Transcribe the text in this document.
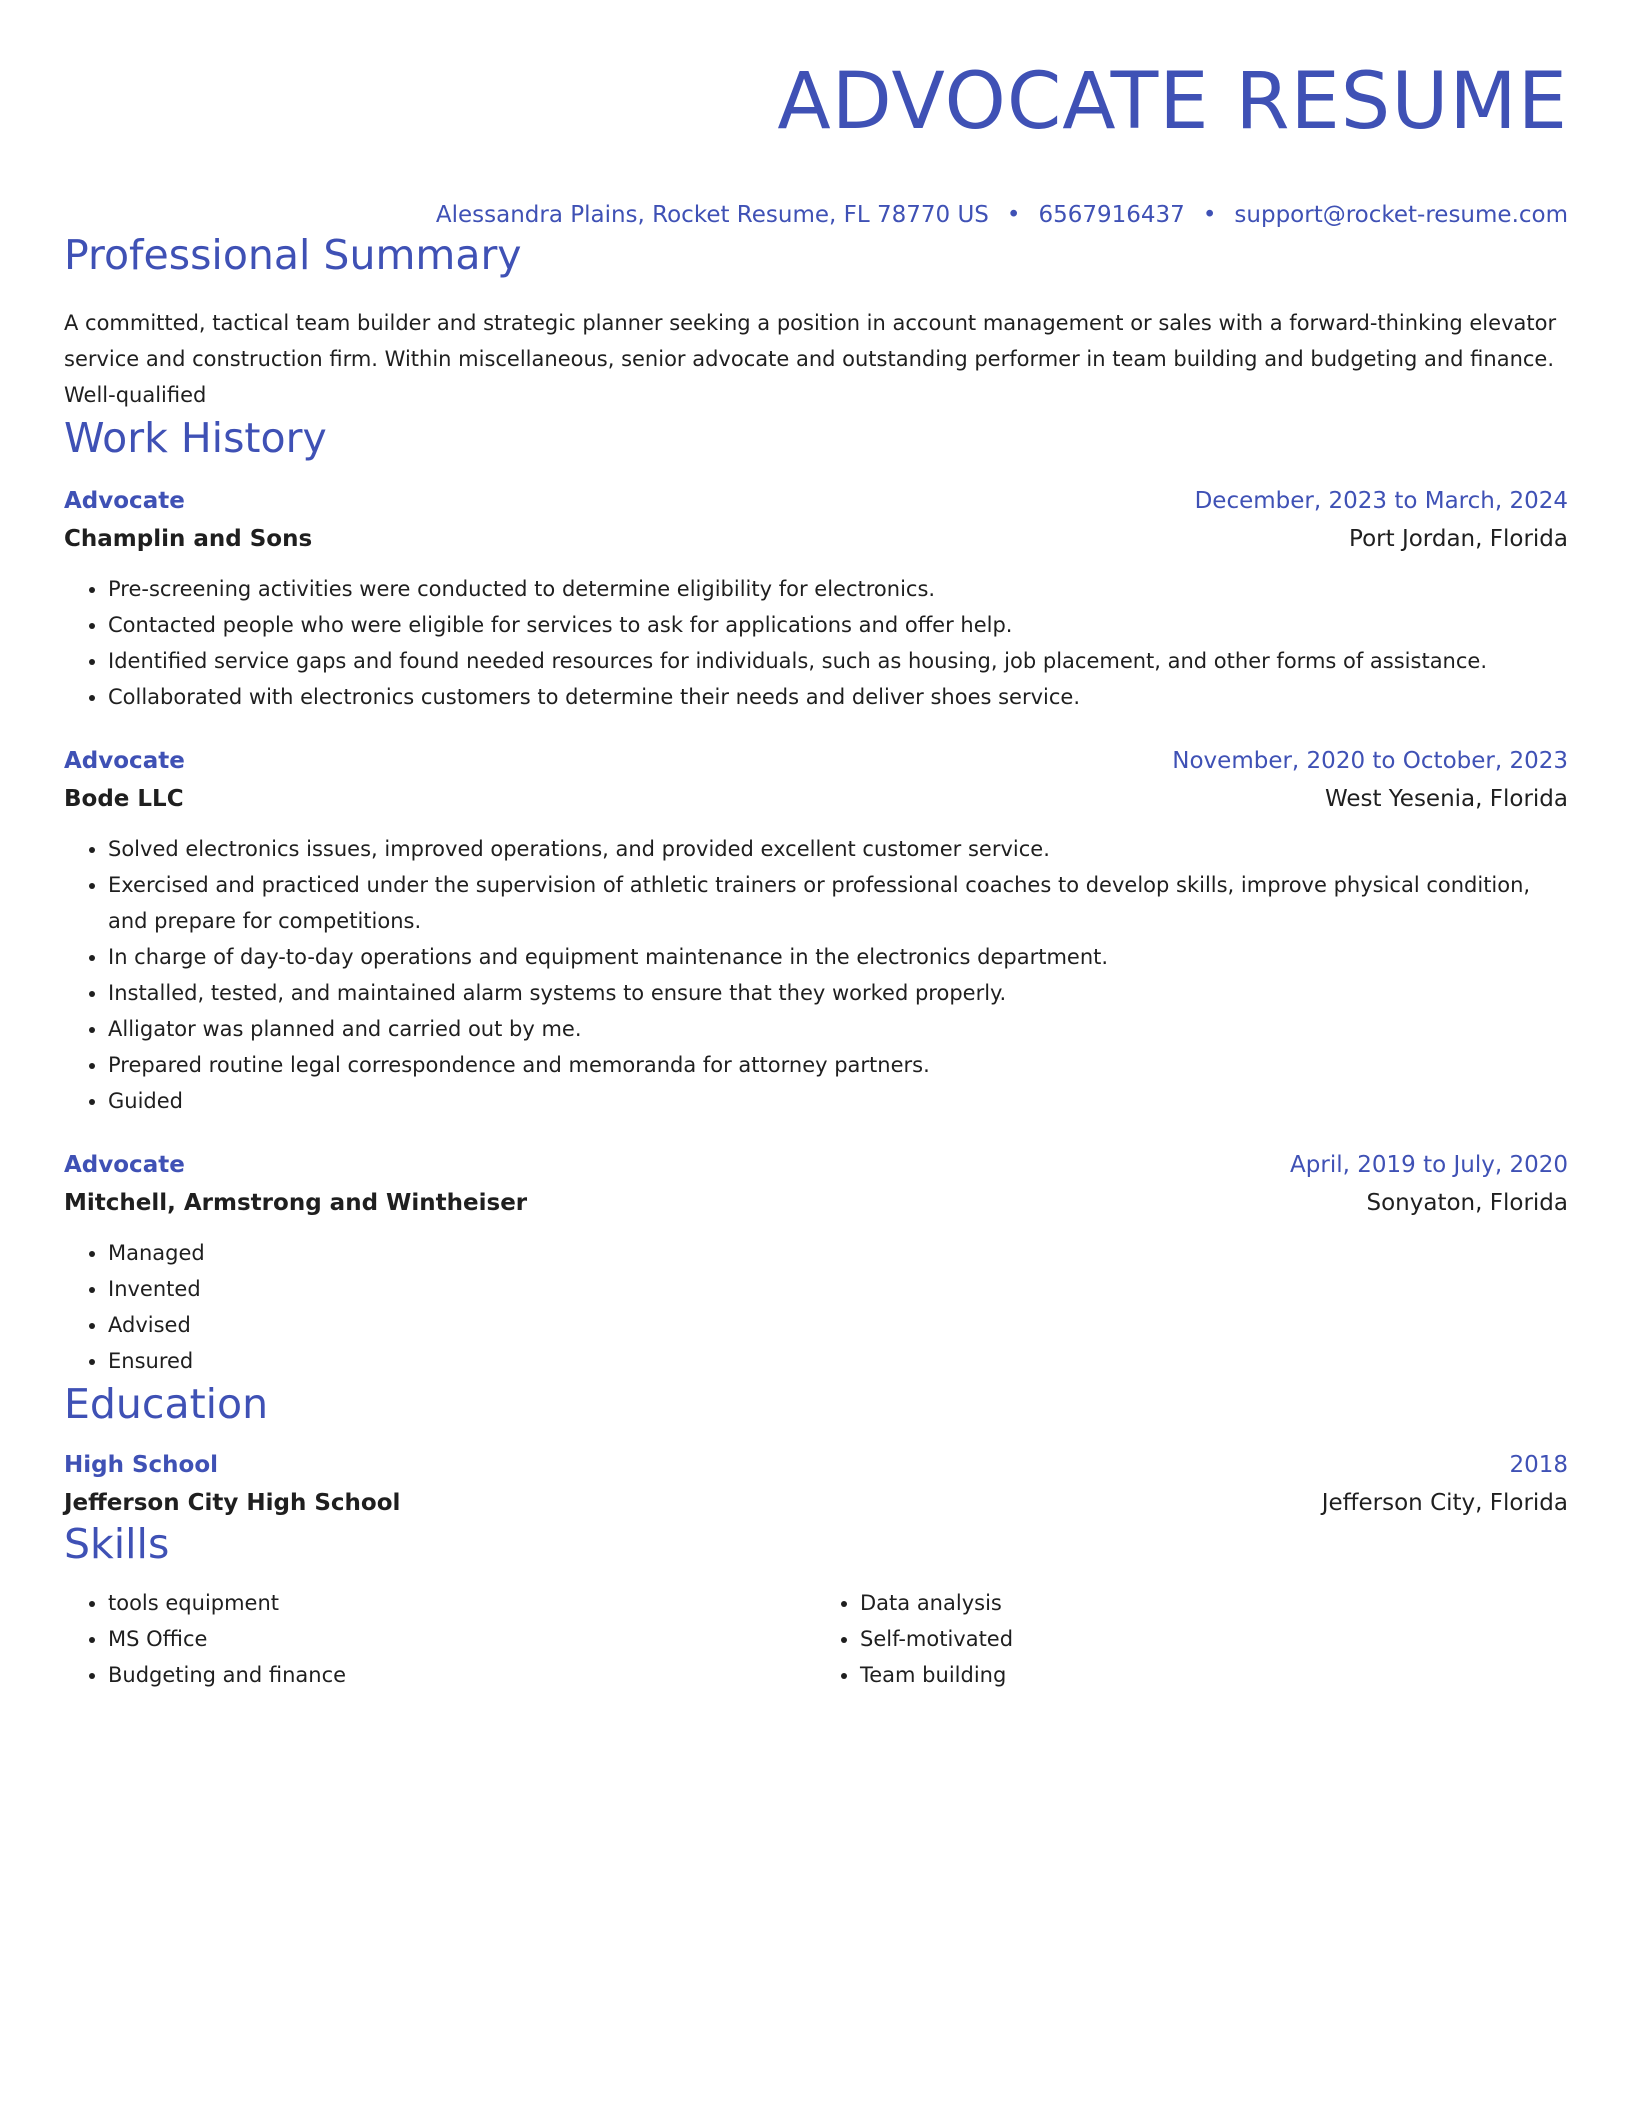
ADVOCATE RESUME
Alessandra Plains, Rocket Resume, FL 78770 US • 6567916437 • support@rocket-resume.com
Professional Summary

A committed, tactical team builder and strategic planner seeking a position in account management or sales with a forward-thinking elevator service and construction firm. Within miscellaneous, senior advocate and outstanding performer in team building and budgeting and finance. Well-qualified

Work History
Advocate	December, 2023 to March, 2024
Champlin and Sons	Port Jordan, Florida
• Pre-screening activities were conducted to determine eligibility for electronics.
• Contacted people who were eligible for services to ask for applications and offer help.
• Identified service gaps and found needed resources for individuals, such as housing, job placement, and other forms of assistance.
• Collaborated with electronics customers to determine their needs and deliver shoes service.
Advocate	November, 2020 to October, 2023
Bode LLC	West Yesenia, Florida
• Solved electronics issues, improved operations, and provided excellent customer service.
• Exercised and practiced under the supervision of athletic trainers or professional coaches to develop skills, improve physical condition, and prepare for competitions.
• In charge of day-to-day operations and equipment maintenance in the electronics department.
• Installed, tested, and maintained alarm systems to ensure that they worked properly.
• Alligator was planned and carried out by me.
• Prepared routine legal correspondence and memoranda for attorney partners.
• Guided
Advocate	April, 2019 to July, 2020
Mitchell, Armstrong and Wintheiser	Sonyaton, Florida
• Managed
• Invented
• Advised
• Ensured
Education
High School	2018
Jefferson City High School	Jefferson City, Florida
Skills
• tools equipment
• MS Office
• Budgeting and finance
• Data analysis
• Self-motivated
• Team building
